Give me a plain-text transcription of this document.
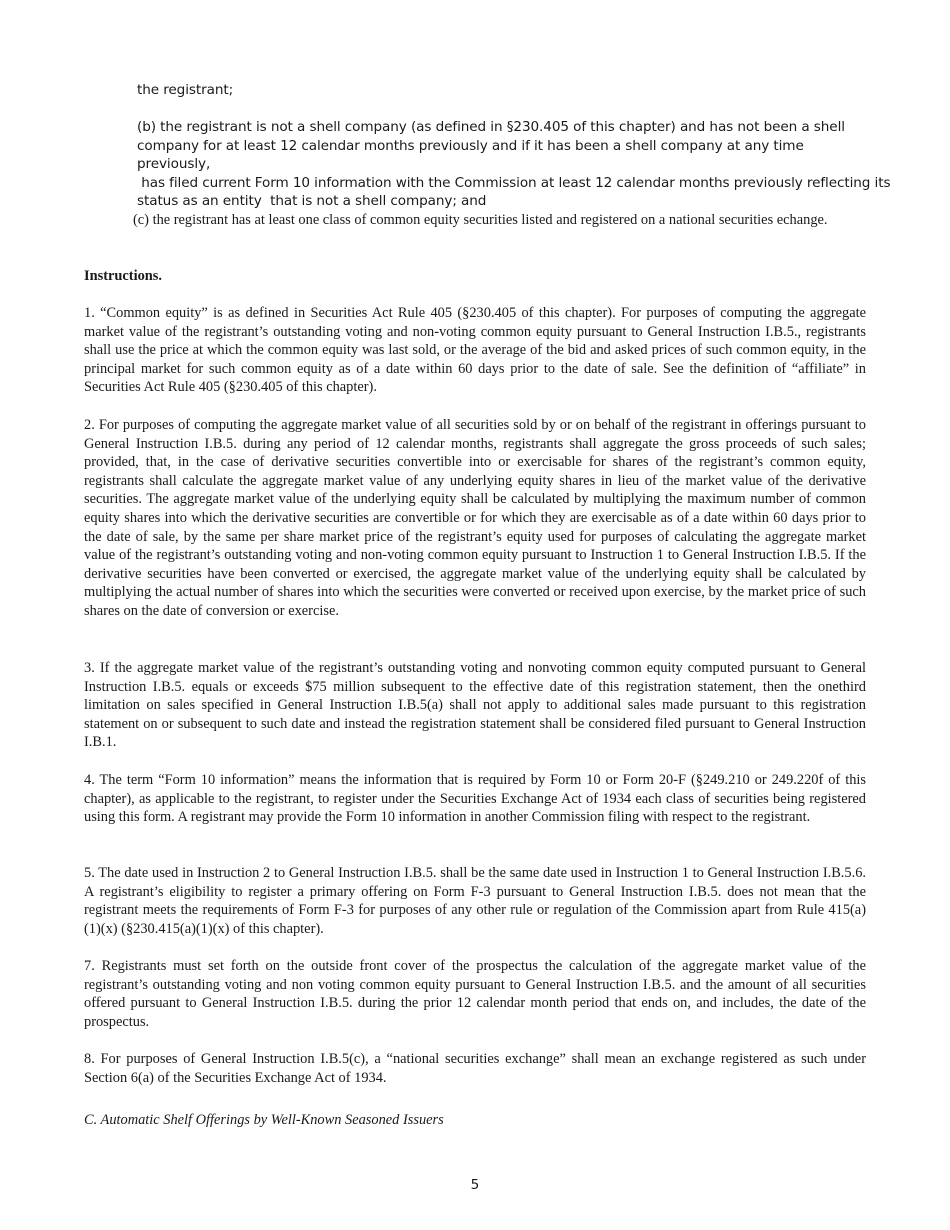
the registrant;

(b) the registrant is not a shell company (as defined in §230.405 of this chapter) and has not been a shell
company for at least 12 calendar months previously and if it has been a shell company at any time previously,
has filed current Form 10 information with the Commission at least 12 calendar months previously reflecting its
status as an entity  that is not a shell company; and

(c) the registrant has at least one class of common equity securities listed and registered on a national securities echange.

Instructions.

1. “Common equity” is as defined in Securities Act Rule 405 (§230.405 of this chapter). For purposes of computing the aggregate market value of the registrant’s outstanding voting and non-voting common equity pursuant to General Instruction I.B.5., registrants shall use the price at which the common equity was last sold, or the average of the bid and asked prices of such common equity, in the principal market for such common equity as of a date within 60 days prior to the date of sale. See the definition of “affiliate” in Securities Act Rule 405 (§230.405 of this chapter).

2. For purposes of computing the aggregate market value of all securities sold by or on behalf of the registrant in offerings pursuant to General Instruction I.B.5. during any period of 12 calendar months, registrants shall aggregate the gross proceeds of such sales; provided, that, in the case of derivative securities convertible into or exercisable for shares of the registrant’s common equity, registrants shall calculate the aggregate market value of any underlying equity shares in lieu of the market value of the derivative securities. The aggregate market value of the underlying equity shall be calculated by multiplying the maximum number of common equity shares into which the derivative securities are convertible or for which they are exercisable as of a date within 60 days prior to the date of sale, by the same per share market price of the registrant’s equity used for purposes of calculating the aggregate market value of the registrant’s outstanding voting and non-voting common equity pursuant to Instruction 1 to General Instruction I.B.5. If the derivative securities have been converted or exercised, the aggregate market value of the underlying equity shall be calculated by multiplying the actual number of shares into which the securities were converted or received upon exercise, by the market price of such shares on the date of conversion or exercise.

3. If the aggregate market value of the registrant’s outstanding voting and nonvoting common equity computed pursuant to General Instruction I.B.5. equals or exceeds $75 million subsequent to the effective date of this registration statement, then the onethird limitation on sales specified in General Instruction I.B.5(a) shall not apply to additional sales made pursuant to this registration statement on or subsequent to such date and instead the registration statement shall be considered filed pursuant to General Instruction I.B.1.

4. The term “Form 10 information” means the information that is required by Form 10 or Form 20-F (§249.210 or 249.220f of this chapter), as applicable to the registrant, to register under the Securities Exchange Act of 1934 each class of securities being registered using this form. A registrant may provide the Form 10 information in another Commission filing with respect to the registrant.

5. The date used in Instruction 2 to General Instruction I.B.5. shall be the same date used in Instruction 1 to General Instruction I.B.5.6. A registrant’s eligibility to register a primary offering on Form F-3 pursuant to General Instruction I.B.5. does not mean that the registrant meets the requirements of Form F-3 for purposes of any other rule or regulation of the Commission apart from Rule 415(a)(1)(x) (§230.415(a)(1)(x) of this chapter).

7. Registrants must set forth on the outside front cover of the prospectus the calculation of the aggregate market value of the registrant’s outstanding voting and non voting common equity pursuant to General Instruction I.B.5. and the amount of all securities offered pursuant to General Instruction I.B.5. during the prior 12 calendar month period that ends on, and includes, the date of the prospectus.

8. For purposes of General Instruction I.B.5(c), a “national securities exchange” shall mean an exchange registered as such under Section 6(a) of the Securities Exchange Act of 1934.

C. Automatic Shelf Offerings by Well-Known Seasoned Issuers

5
